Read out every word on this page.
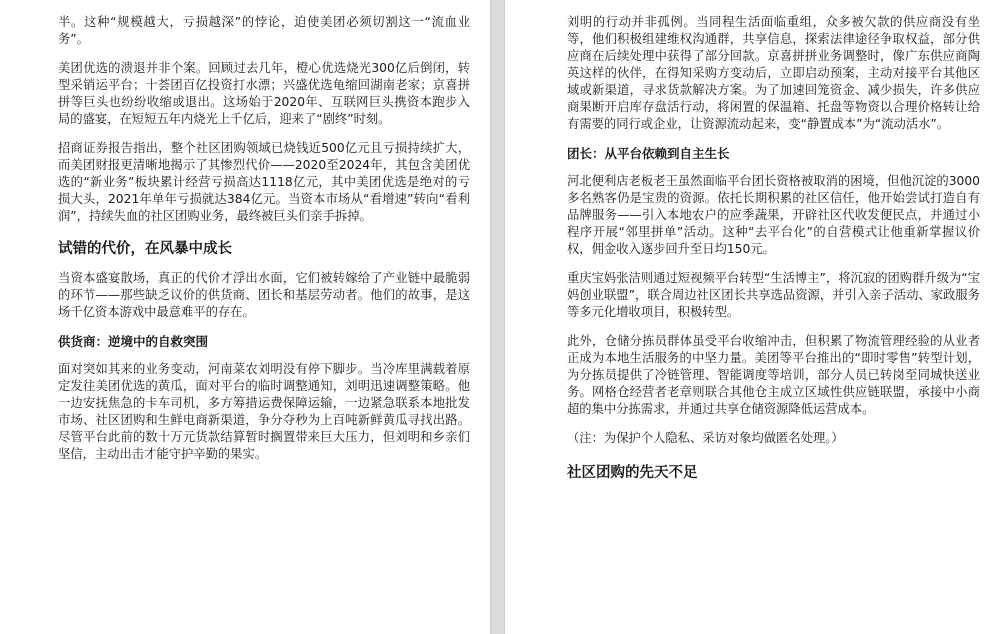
半。这种“规模越大，亏损越深”的悖论，迫使美团必须切割这一“流血业务”。

美团优选的溃退并非个案。回顾过去几年，橙心优选烧光300亿后倒闭，转型采销运平台；十荟团百亿投资打水漂；兴盛优选龟缩回湖南老家；京喜拼拼等巨头也纷纷收缩或退出。这场始于2020年、互联网巨头携资本跑步入局的盛宴，在短短五年内烧光上千亿后，迎来了“剧终”时刻。

招商证券报告指出，整个社区团购领域已烧钱近500亿元且亏损持续扩大，而美团财报更清晰地揭示了其惨烈代价——2020至2024年，其包含美团优选的“新业务”板块累计经营亏损高达1118亿元，其中美团优选是绝对的亏损大头，2021年单年亏损就达384亿元。当资本市场从“看增速”转向“看利润”，持续失血的社区团购业务，最终被巨头们亲手拆掉。

试错的代价，在风暴中成长

当资本盛宴散场，真正的代价才浮出水面，它们被转嫁给了产业链中最脆弱的环节——那些缺乏议价的供货商、团长和基层劳动者。他们的故事，是这场千亿资本游戏中最意难平的存在。

供货商：逆境中的自救突围

面对突如其来的业务变动，河南菜农刘明没有停下脚步。当冷库里满载着原定发往美团优选的黄瓜，面对平台的临时调整通知，刘明迅速调整策略。他一边安抚焦急的卡车司机，多方筹措运费保障运输，一边紧急联系本地批发市场、社区团购和生鲜电商新渠道，争分夺秒为上百吨新鲜黄瓜寻找出路。尽管平台此前的数十万元货款结算暂时搁置带来巨大压力，但刘明和乡亲们坚信，主动出击才能守护辛勤的果实。

刘明的行动并非孤例。当同程生活面临重组，众多被欠款的供应商没有坐等，他们积极组建维权沟通群，共享信息，探索法律途径争取权益，部分供应商在后续处理中获得了部分回款。京喜拼拼业务调整时，像广东供应商陶英这样的伙伴，在得知采购方变动后，立即启动预案，主动对接平台其他区域或新渠道，寻求货款解决方案。为了加速回笼资金、减少损失，许多供应商果断开启库存盘活行动，将闲置的保温箱、托盘等物资以合理价格转让给有需要的同行或企业，让资源流动起来，变“静置成本”为“流动活水”。

团长：从平台依赖到自主生长

河北便利店老板老王虽然面临平台团长资格被取消的困境，但他沉淀的3000多名熟客仍是宝贵的资源。依托长期积累的社区信任，他开始尝试打造自有品牌服务——引入本地农户的应季蔬果，开辟社区代收发便民点，并通过小程序开展“邻里拼单”活动。这种“去平台化”的自营模式让他重新掌握议价权，佣金收入逐步回升至日均150元。

重庆宝妈张洁则通过短视频平台转型“生活博主”，将沉寂的团购群升级为“宝妈创业联盟”，联合周边社区团长共享选品资源，并引入亲子活动、家政服务等多元化增收项目，积极转型。

此外，仓储分拣员群体虽受平台收缩冲击，但积累了物流管理经验的从业者正成为本地生活服务的中坚力量。美团等平台推出的“即时零售”转型计划，为分拣员提供了冷链管理、智能调度等培训，部分人员已转岗至同城快送业务。网格仓经营者老章则联合其他仓主成立区域性供应链联盟，承接中小商超的集中分拣需求，并通过共享仓储资源降低运营成本。

（注：为保护个人隐私、采访对象均做匿名处理。）

社区团购的先天不足
